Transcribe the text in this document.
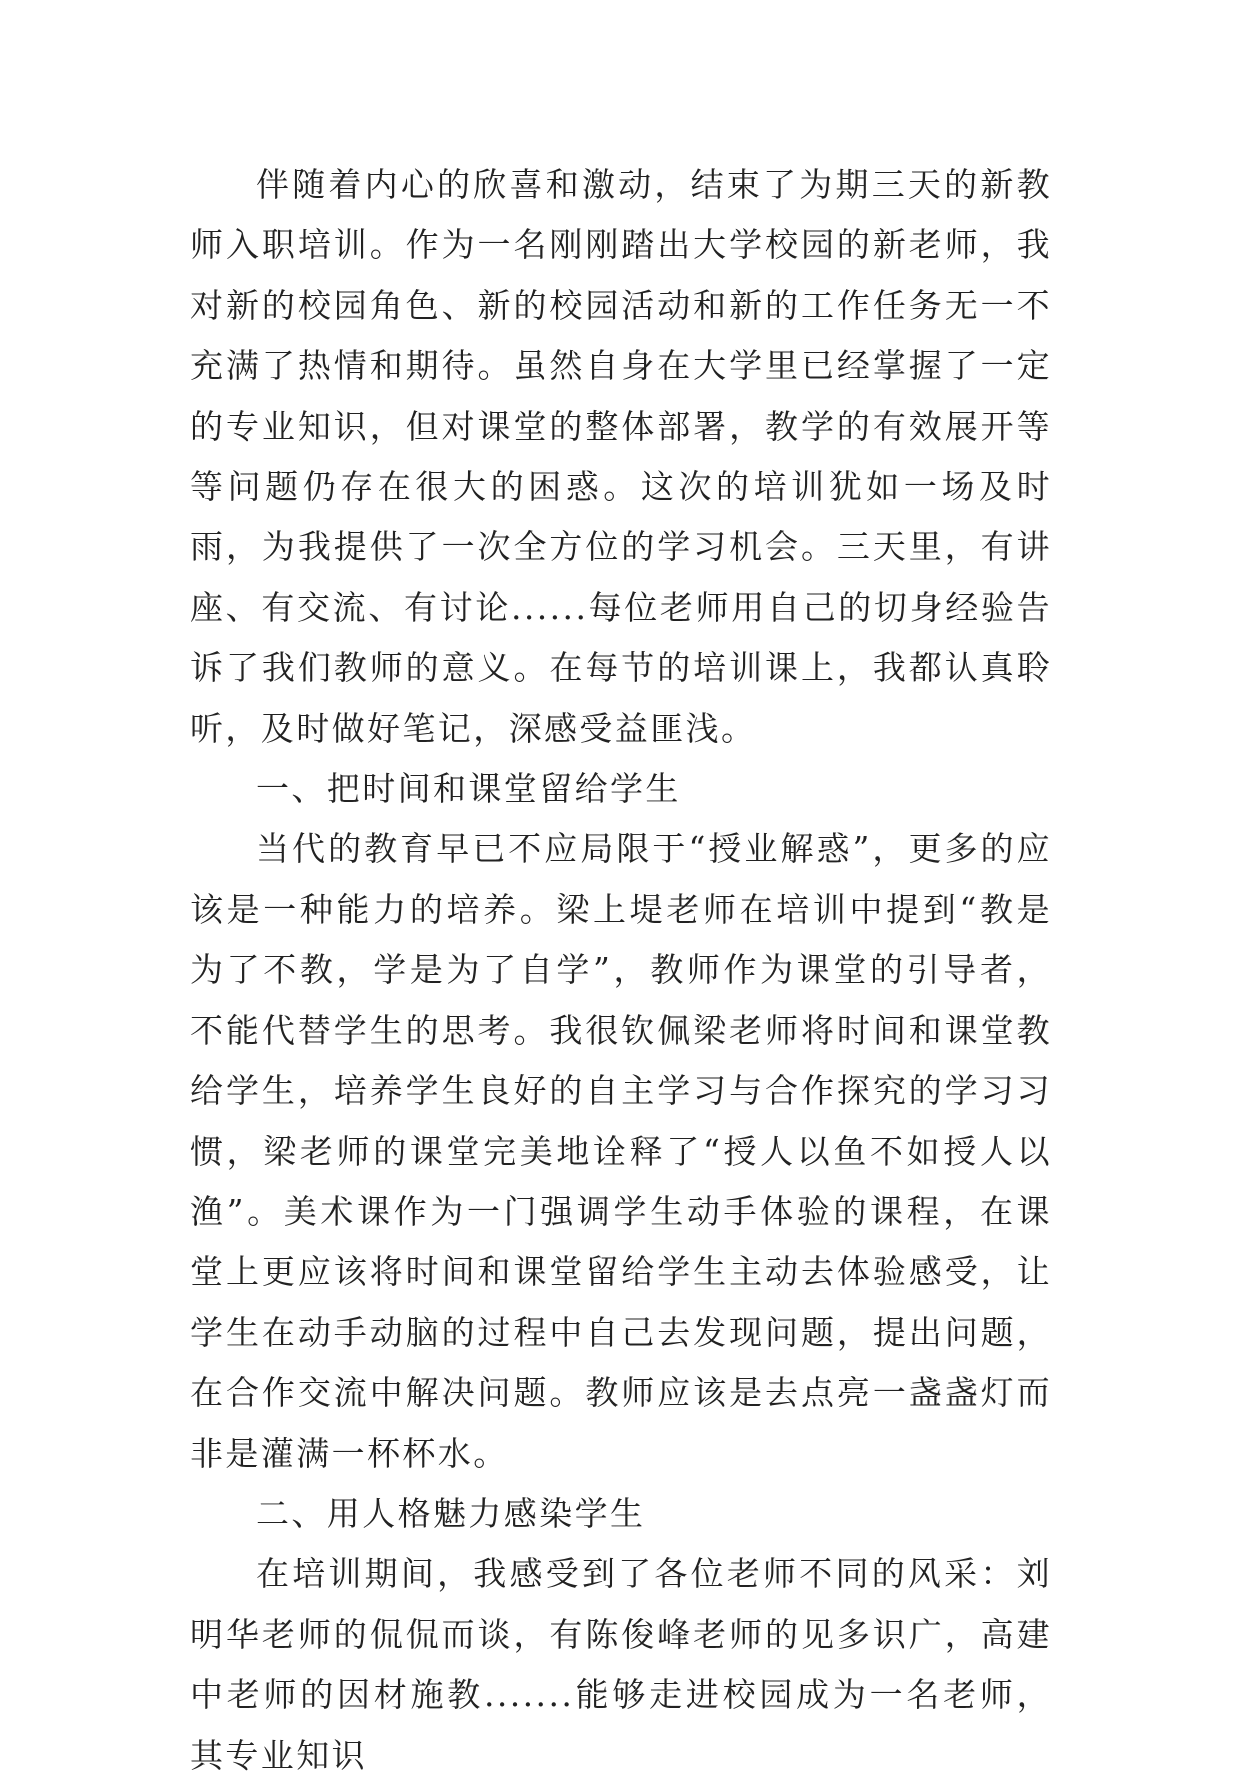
伴随着内心的欣喜和激动，结束了为期三天的新教师入职培训。作为一名刚刚踏出大学校园的新老师，我对新的校园角色、新的校园活动和新的工作任务无一不充满了热情和期待。虽然自身在大学里已经掌握了一定的专业知识，但对课堂的整体部署，教学的有效展开等等问题仍存在很大的困惑。这次的培训犹如一场及时雨，为我提供了一次全方位的学习机会。三天里，有讲座、有交流、有讨论......每位老师用自己的切身经验告诉了我们教师的意义。在每节的培训课上，我都认真聆听，及时做好笔记，深感受益匪浅。

一、把时间和课堂留给学生

当代的教育早已不应局限于“授业解惑”，更多的应该是一种能力的培养。梁上堤老师在培训中提到“教是为了不教，学是为了自学”，教师作为课堂的引导者，不能代替学生的思考。我很钦佩梁老师将时间和课堂教给学生，培养学生良好的自主学习与合作探究的学习习惯，梁老师的课堂完美地诠释了“授人以鱼不如授人以渔”。美术课作为一门强调学生动手体验的课程，在课堂上更应该将时间和课堂留给学生主动去体验感受，让学生在动手动脑的过程中自己去发现问题，提出问题，在合作交流中解决问题。教师应该是去点亮一盏盏灯而非是灌满一杯杯水。

二、用人格魅力感染学生

在培训期间，我感受到了各位老师不同的风采：刘明华老师的侃侃而谈，有陈俊峰老师的见多识广，高建中老师的因材施教.......能够走进校园成为一名老师，其专业知识
